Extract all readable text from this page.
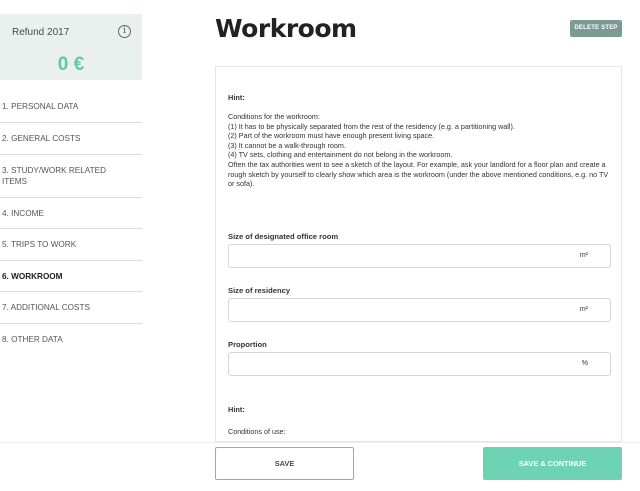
Refund 2017	i
0 €
1. PERSONAL DATA
2. GENERAL COSTS
3. STUDY/WORK RELATED ITEMS
4. INCOME
5. TRIPS TO WORK
6. WORKROOM
7. ADDITIONAL COSTS
8. OTHER DATA
Workroom	DELETE STEP
Hint:
Conditions for the workroom:
(1) It has to be physically separated from the rest of the residency (e.g. a partitioning wall).
(2) Part of the workroom must have enough present living space.
(3) It cannot be a walk-through room.
(4) TV sets, clothing and entertainment do not belong in the workroom.
Often the tax authorities went to see a sketch of the layout. For example, ask your landlord for a floor plan and create a rough sketch by yourself to clearly show which area is the workroom (under the above mentioned conditions, e.g. no TV or sofa).
Size of designated office room
m²
Size of residency
m²
Proportion
%
Hint:
Conditions of use:
SAVE	SAVE & CONTINUE
